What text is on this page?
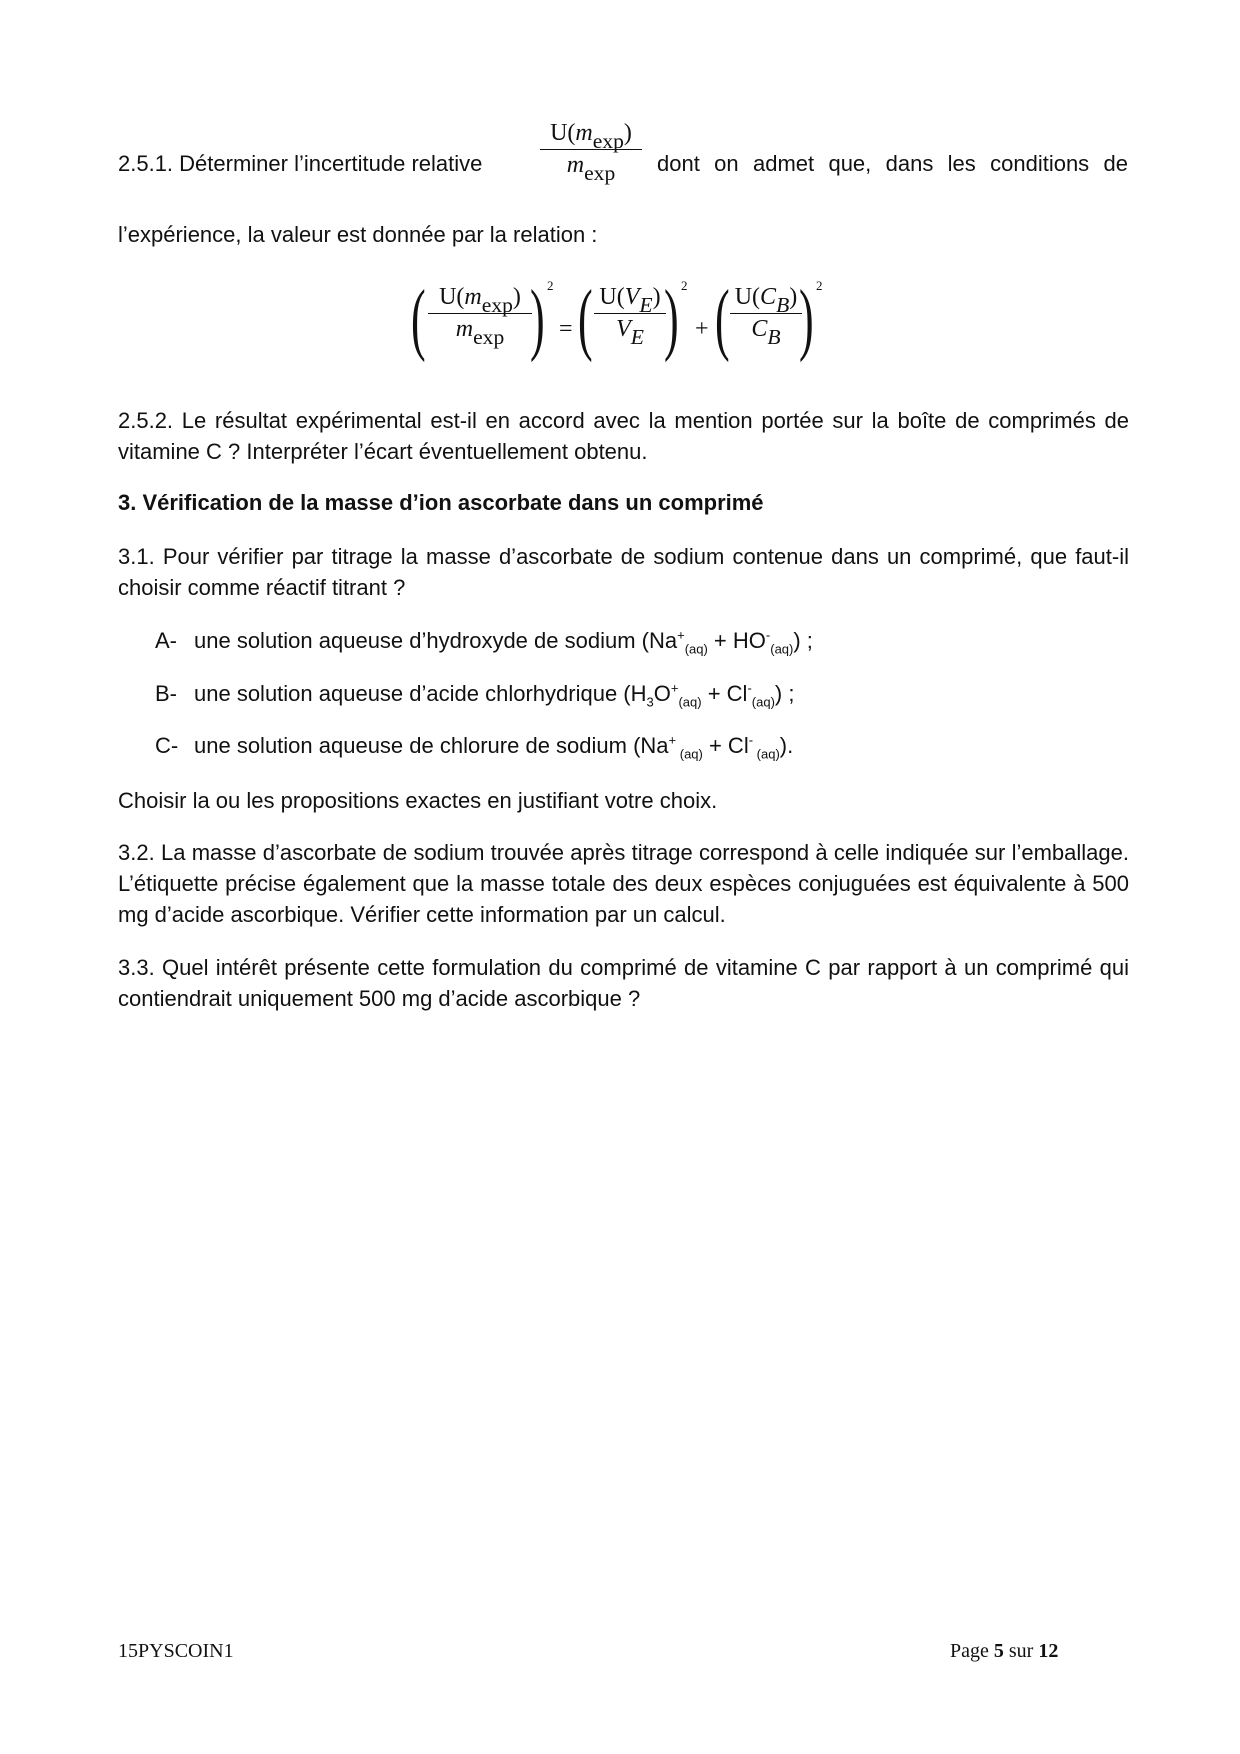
2.5.1. Déterminer l’incertitude relative
U(mexp)
mexp	dont on admet que, dans les conditions de
l’expérience, la valeur est donnée par la relation :
( U(mexp)
mexp ) 2
= ( U(VE)
VE ) 2
+ ( U(CB)
CB ) 2
2.5.2. Le résultat expérimental est-il en accord avec la mention portée sur la boîte de comprimés de vitamine C ? Interpréter l’écart éventuellement obtenu.
3. Vérification de la masse d’ion ascorbate dans un comprimé
3.1. Pour vérifier par titrage la masse d’ascorbate de sodium contenue dans un comprimé, que faut-il choisir comme réactif titrant ?
A- une solution aqueuse d’hydroxyde de sodium $(Na^+_{(aq)} + HO^-_{(aq)})$ ;
B- une solution aqueuse d’acide chlorhydrique $(H_3O^+_{(aq)} + Cl^-_{(aq)})$ ;
C- une solution aqueuse de chlorure de sodium (Na+ $_{(aq)}$ + Cl- $_{(aq)}$).
Choisir la ou les propositions exactes en justifiant votre choix.
3.2. La masse d’ascorbate de sodium trouvée après titrage correspond à celle indiquée sur l’emballage. L’étiquette précise également que la masse totale des deux espèces conjuguées est équivalente à 500 mg d’acide ascorbique. Vérifier cette information par un calcul.
3.3. Quel intérêt présente cette formulation du comprimé de vitamine C par rapport à un comprimé qui contiendrait uniquement 500 mg d’acide ascorbique ?
15PYSCOIN1	Page 5 sur 12
